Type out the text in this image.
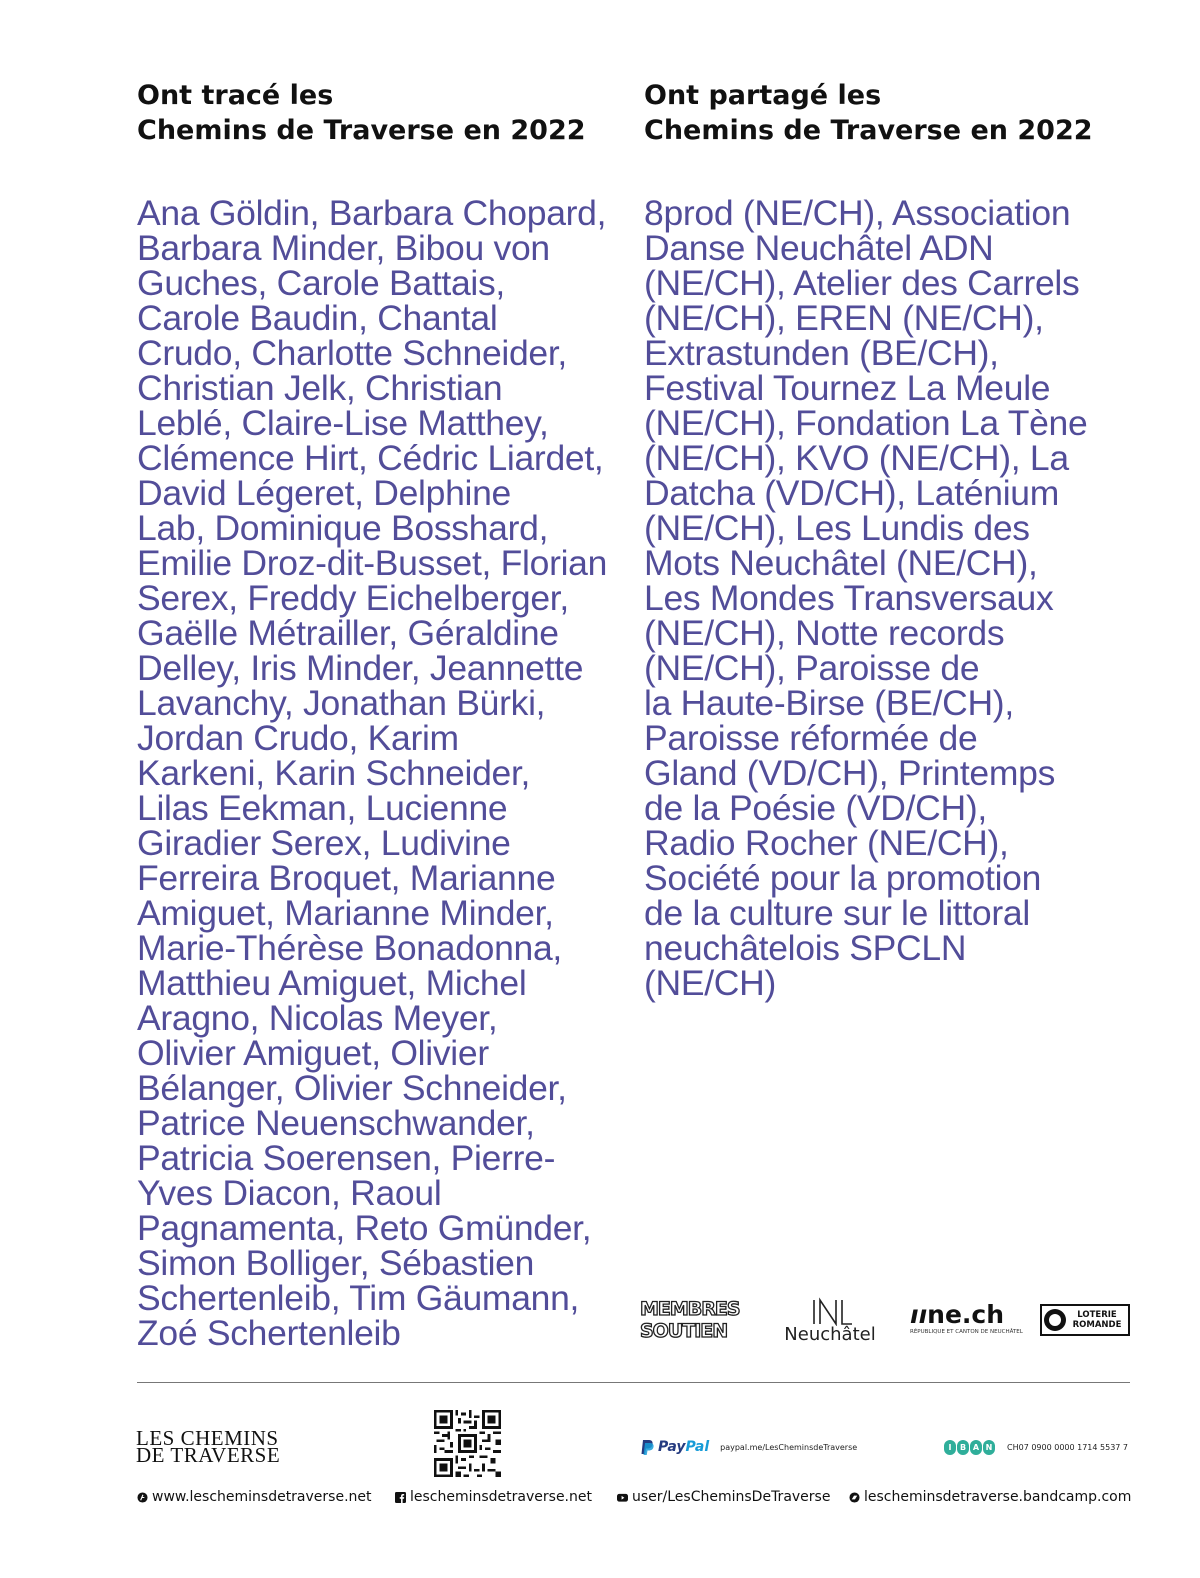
Ont tracé les
Chemins de Traverse en 2022
Ana Göldin, Barbara Chopard,
Barbara Minder, Bibou von
Guches, Carole Battais,
Carole Baudin, Chantal
Crudo, Charlotte Schneider,
Christian Jelk, Christian
Leblé, Claire-Lise Matthey,
Clémence Hirt, Cédric Liardet,
David Légeret, Delphine
Lab, Dominique Bosshard,
Emilie Droz-dit-Busset, Florian
Serex, Freddy Eichelberger,
Gaëlle Métrailler, Géraldine
Delley, Iris Minder, Jeannette
Lavanchy, Jonathan Bürki,
Jordan Crudo, Karim
Karkeni, Karin Schneider,
Lilas Eekman, Lucienne
Giradier Serex, Ludivine
Ferreira Broquet, Marianne
Amiguet, Marianne Minder,
Marie-Thérèse Bonadonna,
Matthieu Amiguet, Michel
Aragno, Nicolas Meyer,
Olivier Amiguet, Olivier
Bélanger, Olivier Schneider,
Patrice Neuenschwander,
Patricia Soerensen, Pierre-
Yves Diacon, Raoul
Pagnamenta, Reto Gmünder,
Simon Bolliger, Sébastien
Schertenleib, Tim Gäumann,
Zoé Schertenleib
Ont partagé les
Chemins de Traverse en 2022
8prod (NE/CH), Association
Danse Neuchâtel ADN
(NE/CH), Atelier des Carrels
(NE/CH), EREN (NE/CH),
Extrastunden (BE/CH),
Festival Tournez La Meule
(NE/CH), Fondation La Tène
(NE/CH), KVO (NE/CH), La
Datcha (VD/CH), Laténium
(NE/CH), Les Lundis des
Mots Neuchâtel (NE/CH),
Les Mondes Transversaux
(NE/CH), Notte records
(NE/CH), Paroisse de
la Haute-Birse (BE/CH),
Paroisse réformée de
Gland (VD/CH), Printemps
de la Poésie (VD/CH),
Radio Rocher (NE/CH),
Société pour la promotion
de la culture sur le littoral
neuchâtelois SPCLN
(NE/CH)
MEMBRES
SOUTIEN	Neuchâtel
ııne.ch
RÉPUBLIQUE ET CANTON DE NEUCHÂTEL
LOTERIE
ROMANDE
LES CHEMINS
DE TRAVERSE	PayPal paypal.me/LesCheminsdeTraverse	I	B A N	CH07 0900 0000 1714 5537 7
www.lescheminsdetraverse.net	lescheminsdetraverse.net	user/LesCheminsDeTraverse lescheminsdetraverse.bandcamp.com
